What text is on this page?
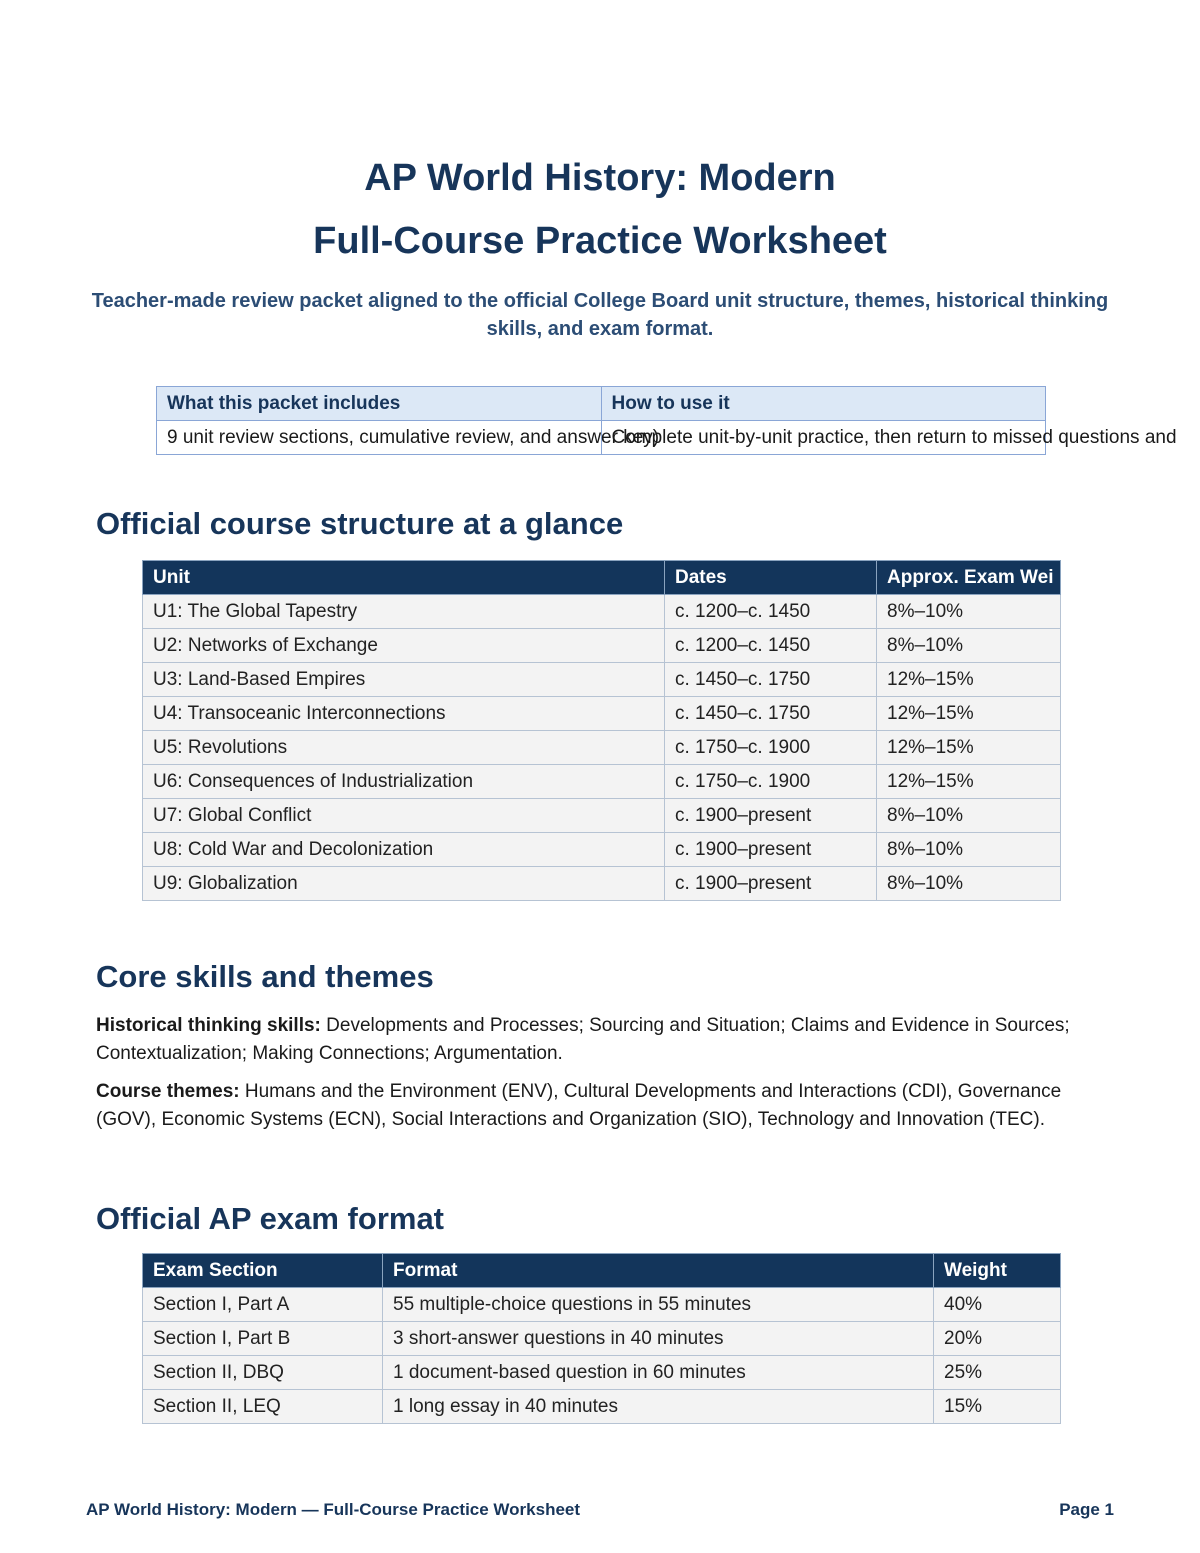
AP World History: Modern
Full-Course Practice Worksheet
Teacher-made review packet aligned to the official College Board unit structure, themes, historical thinking skills, and exam format.
What this packet includes	How to use it
9 unit review sections, cumulative review, and answer key)	Complete unit-by-unit practice, then return to missed questions and
Official course structure at a glance
Unit	Dates	Approx. Exam Wei
U1: The Global Tapestry	c. 1200–c. 1450	8%–10%
U2: Networks of Exchange	c. 1200–c. 1450	8%–10%
U3: Land-Based Empires	c. 1450–c. 1750	12%–15%
U4: Transoceanic Interconnections	c. 1450–c. 1750	12%–15%
U5: Revolutions	c. 1750–c. 1900	12%–15%
U6: Consequences of Industrialization	c. 1750–c. 1900	12%–15%
U7: Global Conflict	c. 1900–present	8%–10%
U8: Cold War and Decolonization	c. 1900–present	8%–10%
U9: Globalization	c. 1900–present	8%–10%
Core skills and themes

Historical thinking skills: Developments and Processes; Sourcing and Situation; Claims and Evidence in Sources; Contextualization; Making Connections; Argumentation.

Course themes: Humans and the Environment (ENV), Cultural Developments and Interactions (CDI), Governance (GOV), Economic Systems (ECN), Social Interactions and Organization (SIO), Technology and Innovation (TEC).

Official AP exam format
Exam Section	Format	Weight
Section I, Part A	55 multiple-choice questions in 55 minutes	40%
Section I, Part B	3 short-answer questions in 40 minutes	20%
Section II, DBQ	1 document-based question in 60 minutes	25%
Section II, LEQ	1 long essay in 40 minutes	15%
AP World History: Modern — Full-Course Practice Worksheet	Page 1
